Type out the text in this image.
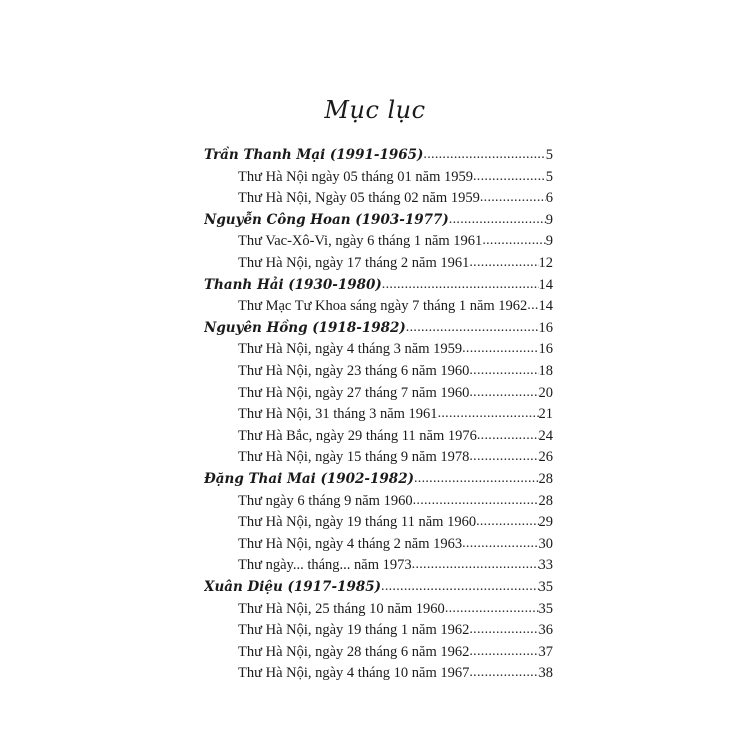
Mục lục
Trần Thanh Mại (1991-1965) .....	5
Thư Hà Nội ngày 05 tháng 01 năm 1959 .....	5
Thư Hà Nội, Ngày 05 tháng 02 năm 1959 .....	6
Nguyễn Công Hoan (1903-1977) .....	9
Thư Vac-Xô-Vi, ngày 6 tháng 1 năm 1961 .....	9
Thư Hà Nội, ngày 17 tháng 2 năm 1961 .....	12
Thanh Hải (1930-1980) .....	14
Thư Mạc Tư Khoa sáng ngày 7 tháng 1 năm 1962 ..... 14
Nguyên Hồng (1918-1982) .....	16
Thư Hà Nội, ngày 4 tháng 3 năm 1959 .....	16
Thư Hà Nội, ngày 23 tháng 6 năm 1960 .....	18
Thư Hà Nội, ngày 27 tháng 7 năm 1960 .....	20
Thư Hà Nội, 31 tháng 3 năm 1961 .....	21
Thư Hà Bắc, ngày 29 tháng 11 năm 1976 .....	24
Thư Hà Nội, ngày 15 tháng 9 năm 1978 .....	26
Đặng Thai Mai (1902-1982) .....	28
Thư ngày 6 tháng 9 năm 1960 .....	28
Thư Hà Nội, ngày 19 tháng 11 năm 1960 .....	29
Thư Hà Nội, ngày 4 tháng 2 năm 1963 .....	30
Thư ngày... tháng... năm 1973 .....	33
Xuân Diệu (1917-1985) .....	35
Thư Hà Nội, 25 tháng 10 năm 1960 .....	35
Thư Hà Nội, ngày 19 tháng 1 năm 1962 .....	36
Thư Hà Nội, ngày 28 tháng 6 năm 1962 .....	37
Thư Hà Nội, ngày 4 tháng 10 năm 1967 .....	38
